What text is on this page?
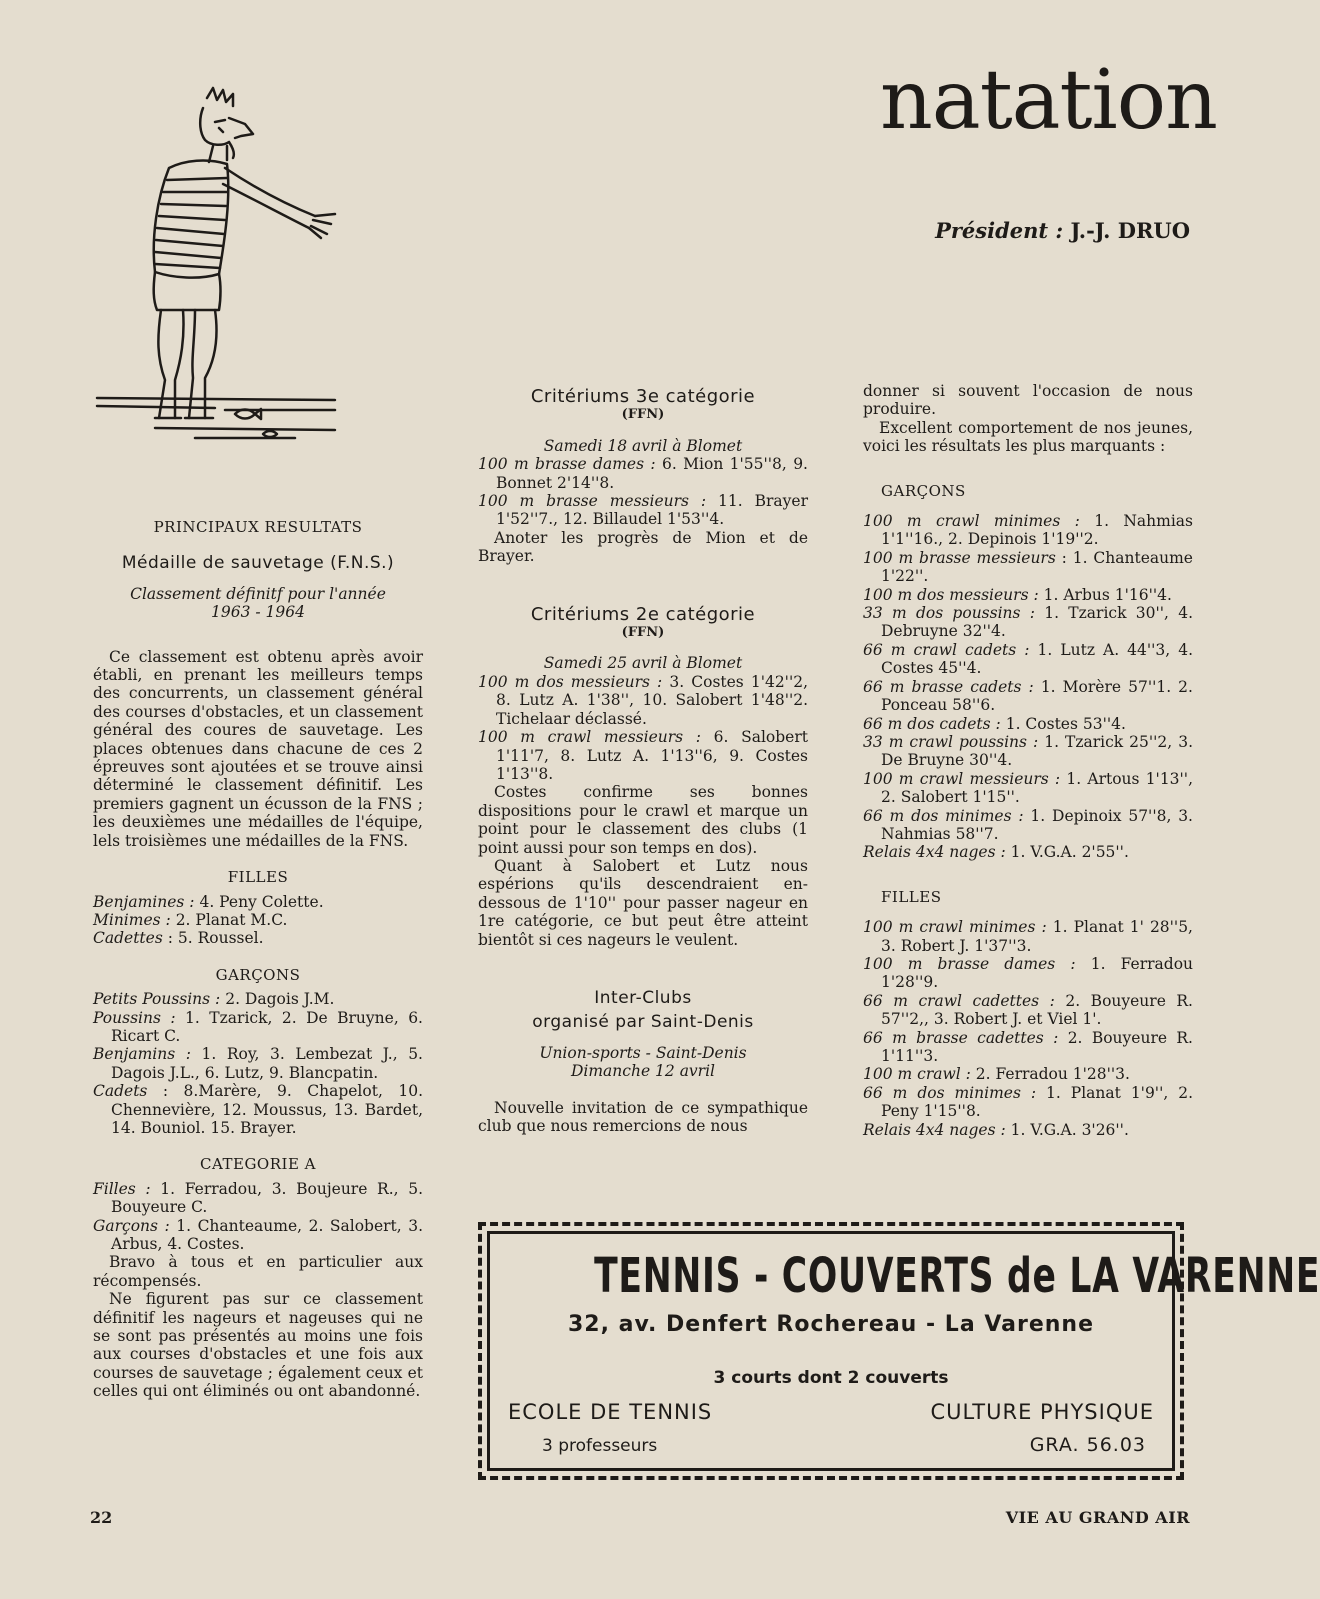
natation
Président : J.-J. DRUO

PRINCIPAUX RESULTATS

Médaille de sauvetage (F.N.S.)

Classement définitf pour l'année

1963 - 1964

Ce classement est obtenu après avoir établi, en prenant les meilleurs temps des concurrents, un classement général des courses d'obstacles, et un classement général des coures de sauvetage. Les places obtenues dans chacune de ces 2 épreuves sont ajoutées et se trouve ainsi déterminé le classement définitif. Les premiers gagnent un écusson de la FNS ; les deuxièmes une médailles de l'équipe, lels troisièmes une médailles de la FNS.

FILLES

Benjamines : 4. Peny Colette.

Minimes : 2. Planat M.C.

Cadettes : 5. Roussel.

GARÇONS

Petits Poussins : 2. Dagois J.M.

Poussins : 1. Tzarick, 2. De Bruyne, 6. Ricart C.

Benjamins : 1. Roy, 3. Lembezat J., 5. Dagois J.L., 6. Lutz, 9. Blancpatin.

Cadets : 8.Marère, 9. Chapelot, 10. Chennevière, 12. Moussus, 13. Bardet, 14. Bouniol. 15. Brayer.

CATEGORIE A

Filles : 1. Ferradou, 3. Boujeure R., 5. Bouyeure C.

Garçons : 1. Chanteaume, 2. Salobert, 3. Arbus, 4. Costes.

Bravo à tous et en particulier aux récompensés.

Ne figurent pas sur ce classement définitif les nageurs et nageuses qui ne se sont pas présentés au moins une fois aux courses d'obstacles et une fois aux courses de sauvetage ; également ceux et celles qui ont éliminés ou ont abandonné.

Critériums 3e catégorie

(FFN)

Samedi 18 avril à Blomet

100 m brasse dames : 6. Mion 1'55''8, 9. Bonnet 2'14''8.

100 m brasse messieurs : 11. Brayer 1'52''7., 12. Billaudel 1'53''4.

Anoter les progrès de Mion et de Brayer.

Critériums 2e catégorie

(FFN)

Samedi 25 avril à Blomet

100 m dos messieurs : 3. Costes 1'42''2, 8. Lutz A. 1'38'', 10. Salobert 1'48''2. Tichelaar déclassé.

100 m crawl messieurs : 6. Salobert 1'11'7, 8. Lutz A. 1'13''6, 9. Costes 1'13''8.

Costes confirme ses bonnes dispositions pour le crawl et marque un point pour le classement des clubs (1 point aussi pour son temps en dos).

Quant à Salobert et Lutz nous espérions qu'ils descendraient en-dessous de 1'10'' pour passer nageur en 1re catégorie, ce but peut être atteint bientôt si ces nageurs le veulent.

Inter-Clubs

organisé par Saint-Denis

Union-sports - Saint-Denis

Dimanche 12 avril

Nouvelle invitation de ce sympathique club que nous remercions de nous

donner si souvent l'occasion de nous produire.

Excellent comportement de nos jeunes, voici les résultats les plus marquants :

GARÇONS

100 m crawl minimes : 1. Nahmias 1'1''16., 2. Depinois 1'19''2.

100 m brasse messieurs : 1. Chanteaume 1'22''.

100 m dos messieurs : 1. Arbus 1'16''4.

33 m dos poussins : 1. Tzarick 30'', 4. Debruyne 32''4.

66 m crawl cadets : 1. Lutz A. 44''3, 4. Costes 45''4.

66 m brasse cadets : 1. Morère 57''1. 2. Ponceau 58''6.

66 m dos cadets : 1. Costes 53''4.

33 m crawl poussins : 1. Tzarick 25''2, 3. De Bruyne 30''4.

100 m crawl messieurs : 1. Artous 1'13'', 2. Salobert 1'15''.

66 m dos minimes : 1. Depinoix 57''8, 3. Nahmias 58''7.

Relais 4x4 nages : 1. V.G.A. 2'55''.

FILLES

100 m crawl minimes : 1. Planat 1' 28''5, 3. Robert J. 1'37''3.

100 m brasse dames : 1. Ferradou 1'28''9.

66 m crawl cadettes : 2. Bouyeure R. 57''2,, 3. Robert J. et Viel 1'.

66 m brasse cadettes : 2. Bouyeure R. 1'11''3.

100 m crawl : 2. Ferradou 1'28''3.

66 m dos minimes : 1. Planat 1'9'', 2. Peny 1'15''8.

Relais 4x4 nages : 1. V.G.A. 3'26''.

TENNIS - COUVERTS de LA VARENNE
32, av. Denfert Rochereau - La Varenne
3 courts dont 2 couverts
ECOLE DE TENNIS
3 professeurs
CULTURE PHYSIQUE
GRA. 56.03
22	VIE AU GRAND AIR
